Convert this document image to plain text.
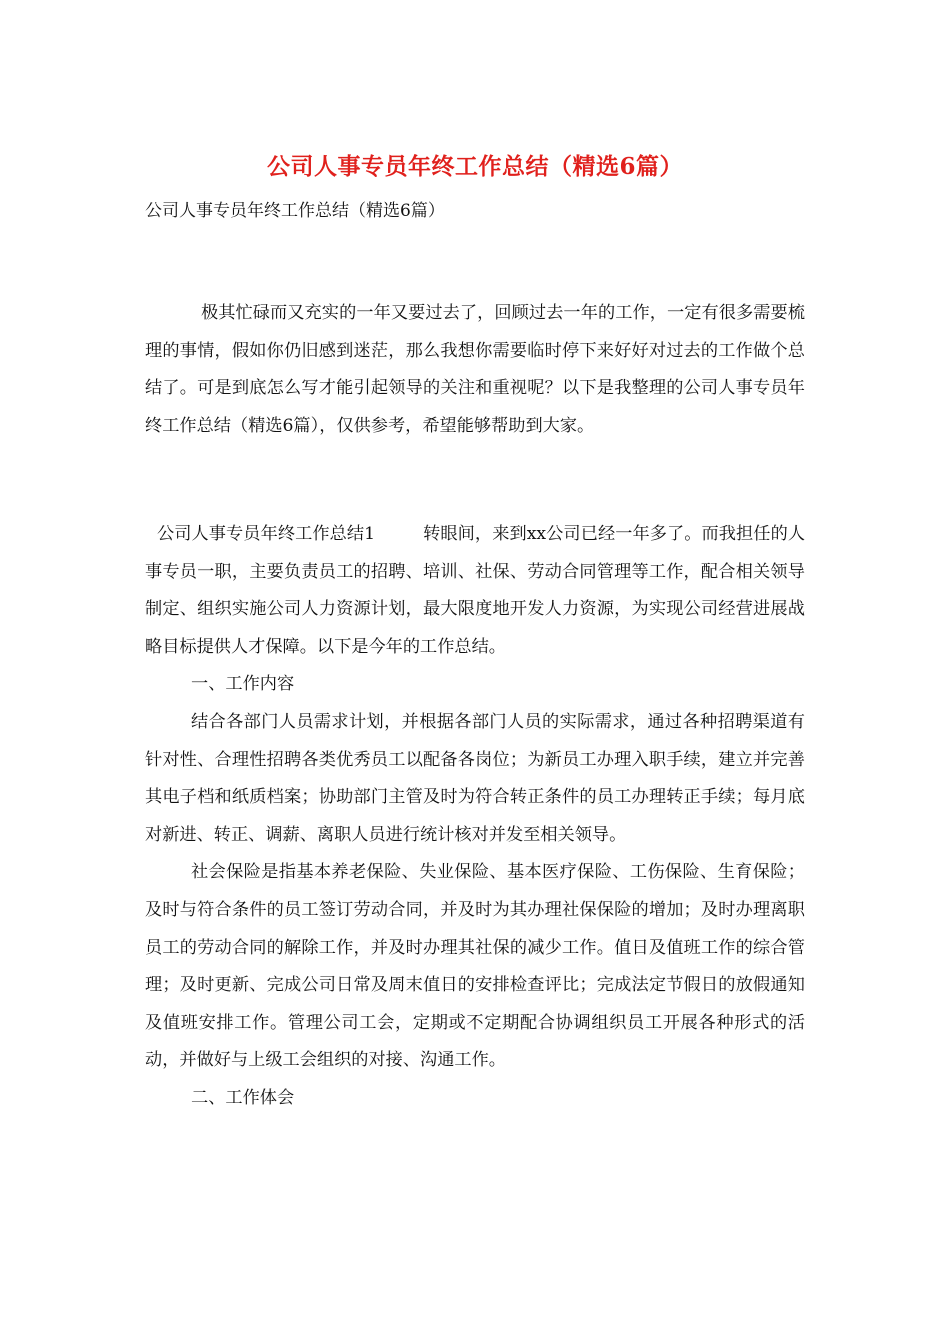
公司人事专员年终工作总结（精选6篇）
公司人事专员年终工作总结（精选6篇）
极其忙碌而又充实的一年又要过去了，回顾过去一年的工作，一定有很多需要梳理的事情，假如你仍旧感到迷茫，那么我想你需要临时停下来好好对过去的工作做个总结了。可是到底怎么写才能引起领导的关注和重视呢？以下是我整理的公司人事专员年终工作总结（精选6篇），仅供参考，希望能够帮助到大家。

公司人事专员年终工作总结1	转眼间，来到xx公司已经一年多了。而我担任的人事专员一职，主要负责员工的招聘、培训、社保、劳动合同管理等工作，配合相关领导制定、组织实施公司人力资源计划，最大限度地开发人力资源，为实现公司经营进展战略目标提供人才保障。以下是今年的工作总结。

一、工作内容

结合各部门人员需求计划，并根据各部门人员的实际需求，通过各种招聘渠道有针对性、合理性招聘各类优秀员工以配备各岗位；为新员工办理入职手续，建立并完善其电子档和纸质档案；协助部门主管及时为符合转正条件的员工办理转正手续；每月底对新进、转正、调薪、离职人员进行统计核对并发至相关领导。

社会保险是指基本养老保险、失业保险、基本医疗保险、工伤保险、生育保险；及时与符合条件的员工签订劳动合同，并及时为其办理社保保险的增加；及时办理离职员工的劳动合同的解除工作，并及时办理其社保的减少工作。值日及值班工作的综合管理；及时更新、完成公司日常及周末值日的安排检查评比；完成法定节假日的放假通知及值班安排工作。管理公司工会，定期或不定期配合协调组织员工开展各种形式的活动，并做好与上级工会组织的对接、沟通工作。

二、工作体会
